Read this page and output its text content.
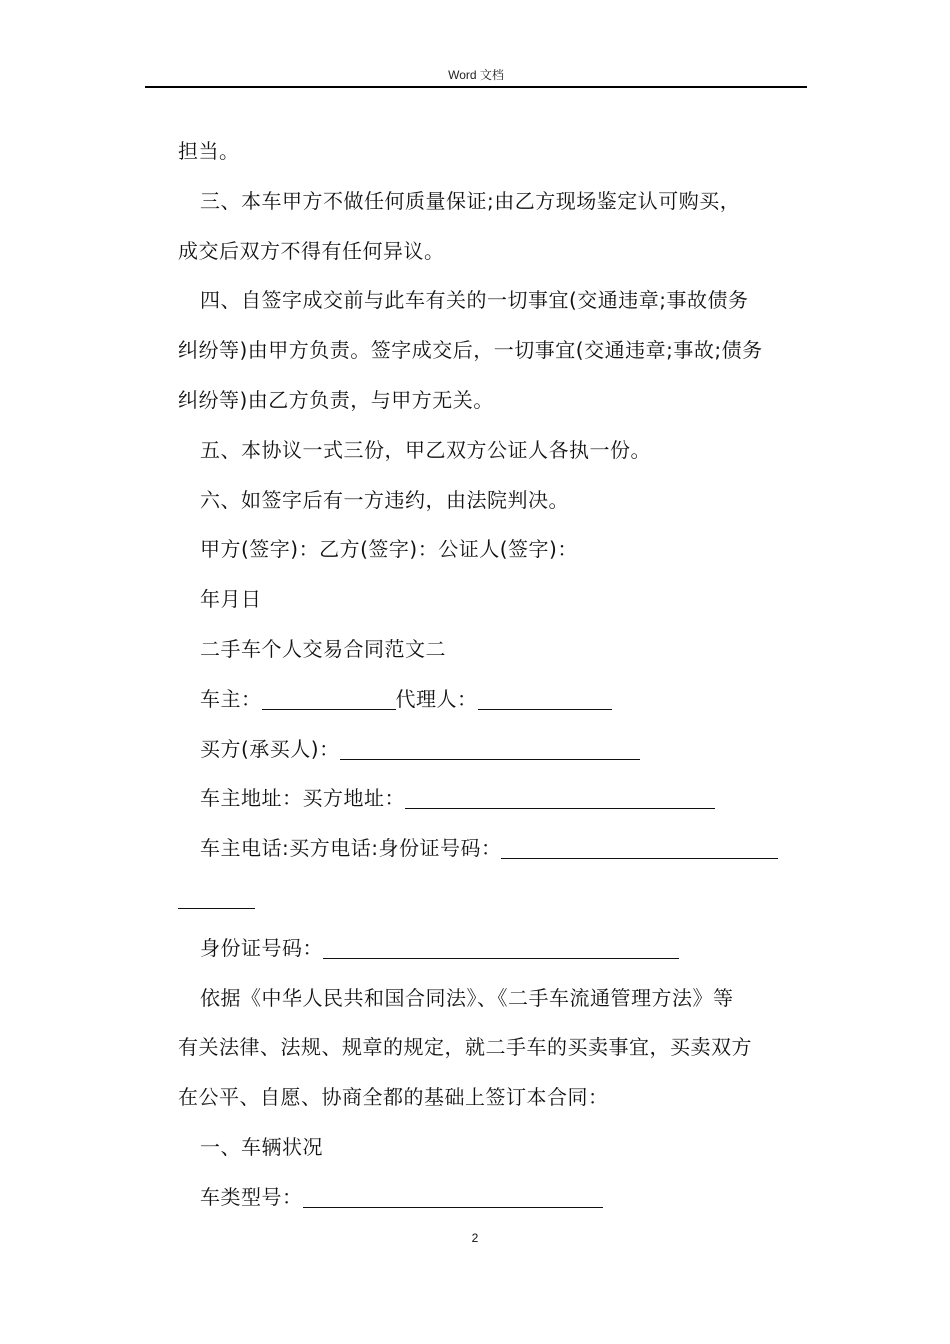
Word 文档
担当。
三、本车甲方不做任何质量保证;由乙方现场鉴定认可购买，
成交后双方不得有任何异议。
四、自签字成交前与此车有关的一切事宜(交通违章;事故债务
纠纷等)由甲方负责。签字成交后，一切事宜(交通违章;事故;债务
纠纷等)由乙方负责，与甲方无关。
五、本协议一式三份，甲乙双方公证人各执一份。
六、如签字后有一方违约，由法院判决。
甲方(签字)：乙方(签字)：公证人(签字)：
年月日
二手车个人交易合同范文二
车主：	代理人：
买方(承买人)：
车主地址：买方地址：
车主电话:买方电话:身份证号码：
身份证号码：
依据《中华人民共和国合同法》、《二手车流通管理方法》等
有关法律、法规、规章的规定，就二手车的买卖事宜，买卖双方
在公平、自愿、协商全都的基础上签订本合同：
一、车辆状况
车类型号：
2
